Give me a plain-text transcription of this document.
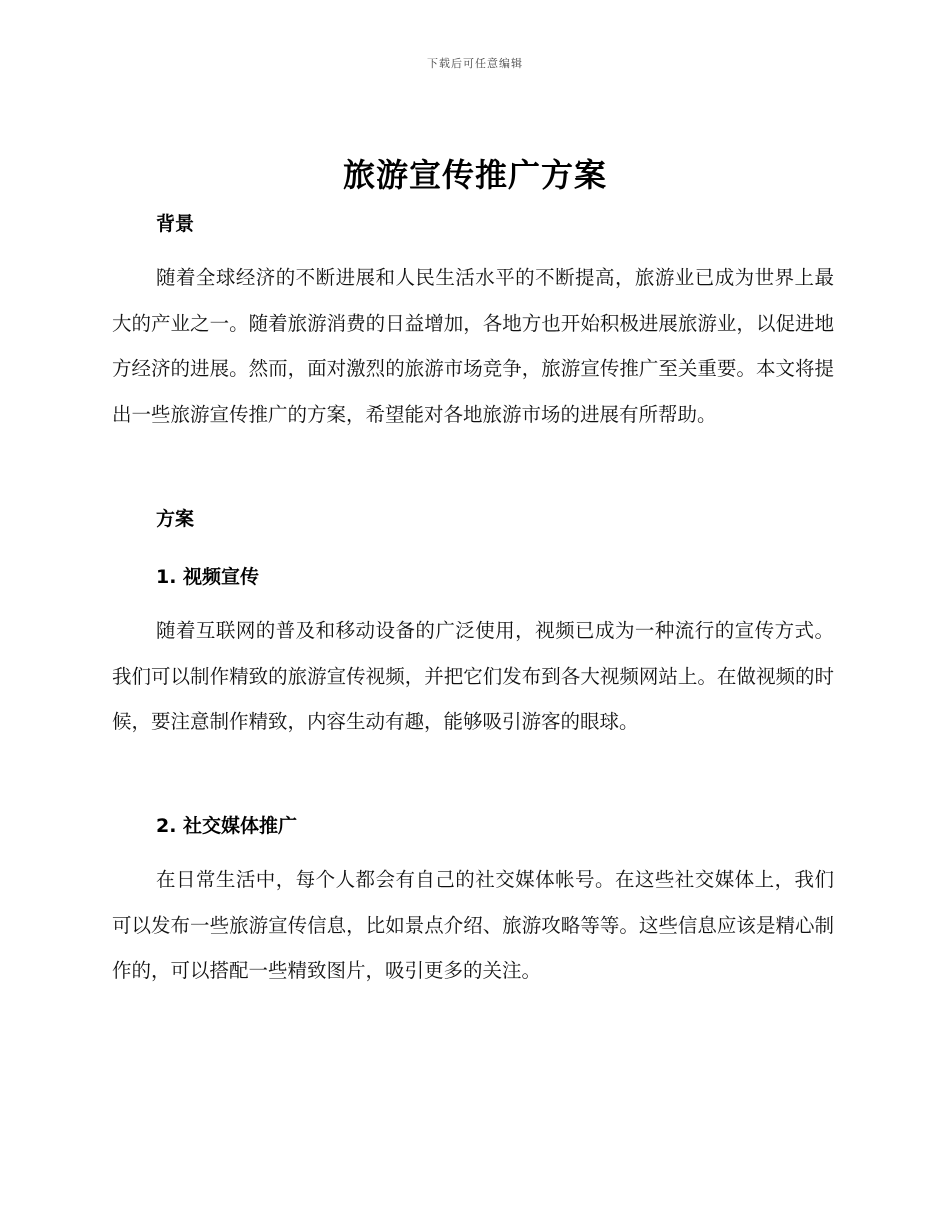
下载后可任意编辑
旅游宣传推广方案
背景

随着全球经济的不断进展和人民生活水平的不断提高，旅游业已成为世界上最大的产业之一。随着旅游消费的日益增加，各地方也开始积极进展旅游业，以促进地方经济的进展。然而，面对激烈的旅游市场竞争，旅游宣传推广至关重要。本文将提出一些旅游宣传推广的方案，希望能对各地旅游市场的进展有所帮助。

方案
1. 视频宣传

随着互联网的普及和移动设备的广泛使用，视频已成为一种流行的宣传方式。我们可以制作精致的旅游宣传视频，并把它们发布到各大视频网站上。在做视频的时候，要注意制作精致，内容生动有趣，能够吸引游客的眼球。

2. 社交媒体推广

在日常生活中，每个人都会有自己的社交媒体帐号。在这些社交媒体上，我们可以发布一些旅游宣传信息，比如景点介绍、旅游攻略等等。这些信息应该是精心制作的，可以搭配一些精致图片，吸引更多的关注。
